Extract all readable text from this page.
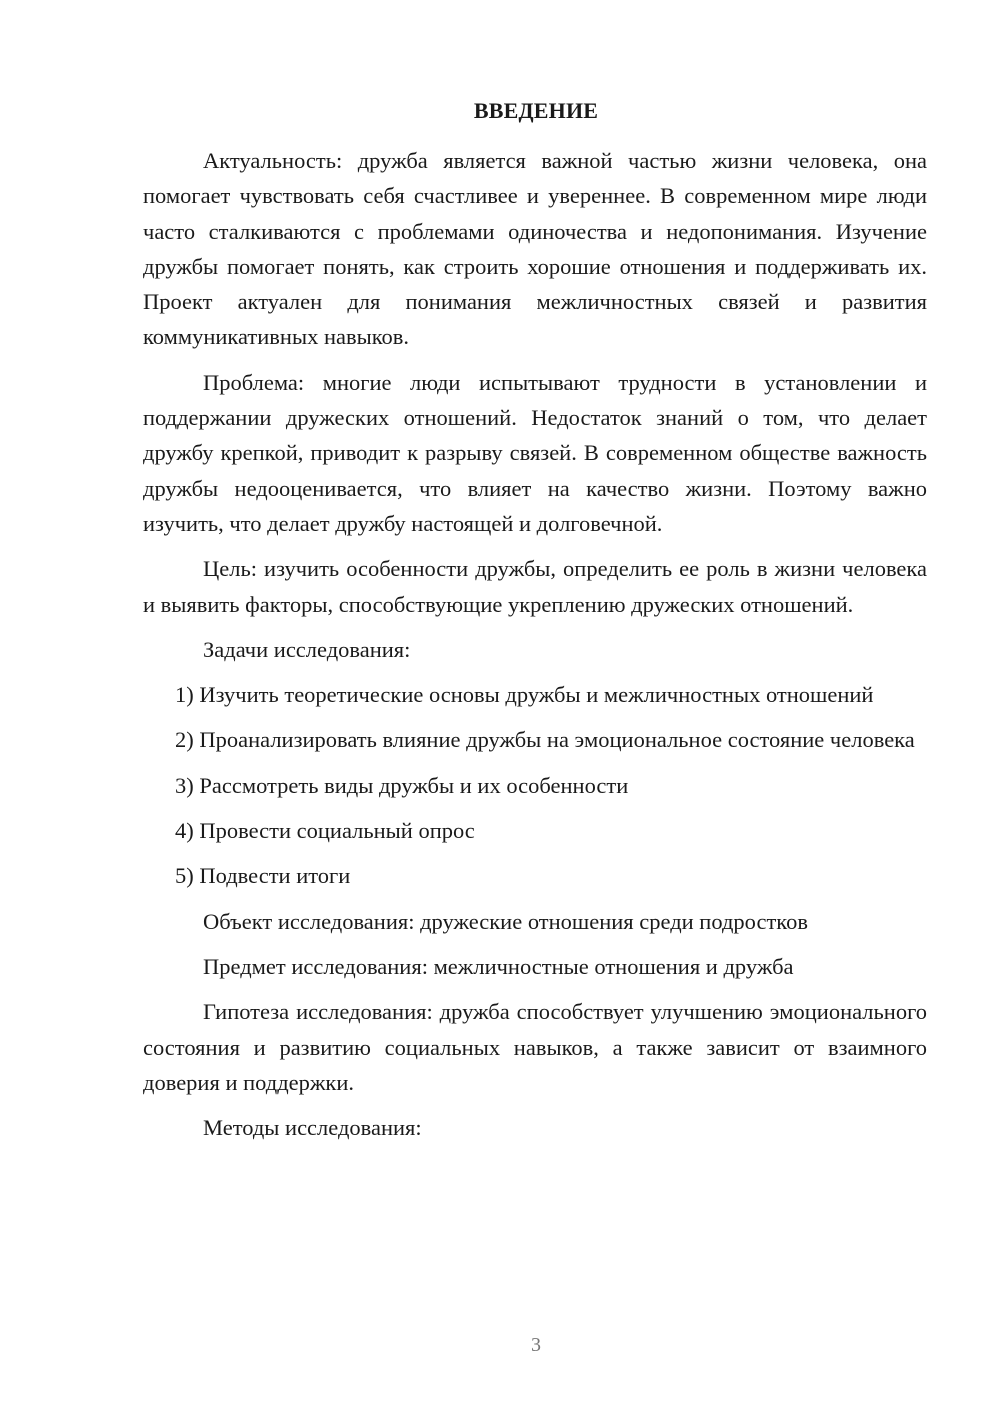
ВВЕДЕНИЕ

Актуальность: дружба является важной частью жизни человека, она помогает чувствовать себя счастливее и увереннее. В современном мире люди часто сталкиваются с проблемами одиночества и недопонимания. Изучение дружбы помогает понять, как строить хорошие отношения и поддерживать их. Проект актуален для понимания межличностных связей и развития коммуникативных навыков.

Проблема: многие люди испытывают трудности в установлении и поддержании дружеских отношений. Недостаток знаний о том, что делает дружбу крепкой, приводит к разрыву связей. В современном обществе важность дружбы недооценивается, что влияет на качество жизни. Поэтому важно изучить, что делает дружбу настоящей и долговечной.

Цель: изучить особенности дружбы, определить ее роль в жизни человека и выявить факторы, способствующие укреплению дружеских отношений.

Задачи исследования:

1) Изучить теоретические основы дружбы и межличностных отношений

2) Проанализировать влияние дружбы на эмоциональное состояние человека

3) Рассмотреть виды дружбы и их особенности

4) Провести социальный опрос

5) Подвести итоги

Объект исследования: дружеские отношения среди подростков

Предмет исследования: межличностные отношения и дружба

Гипотеза исследования: дружба способствует улучшению эмоционального состояния и развитию социальных навыков, а также зависит от взаимного доверия и поддержки.

Методы исследования:

3
